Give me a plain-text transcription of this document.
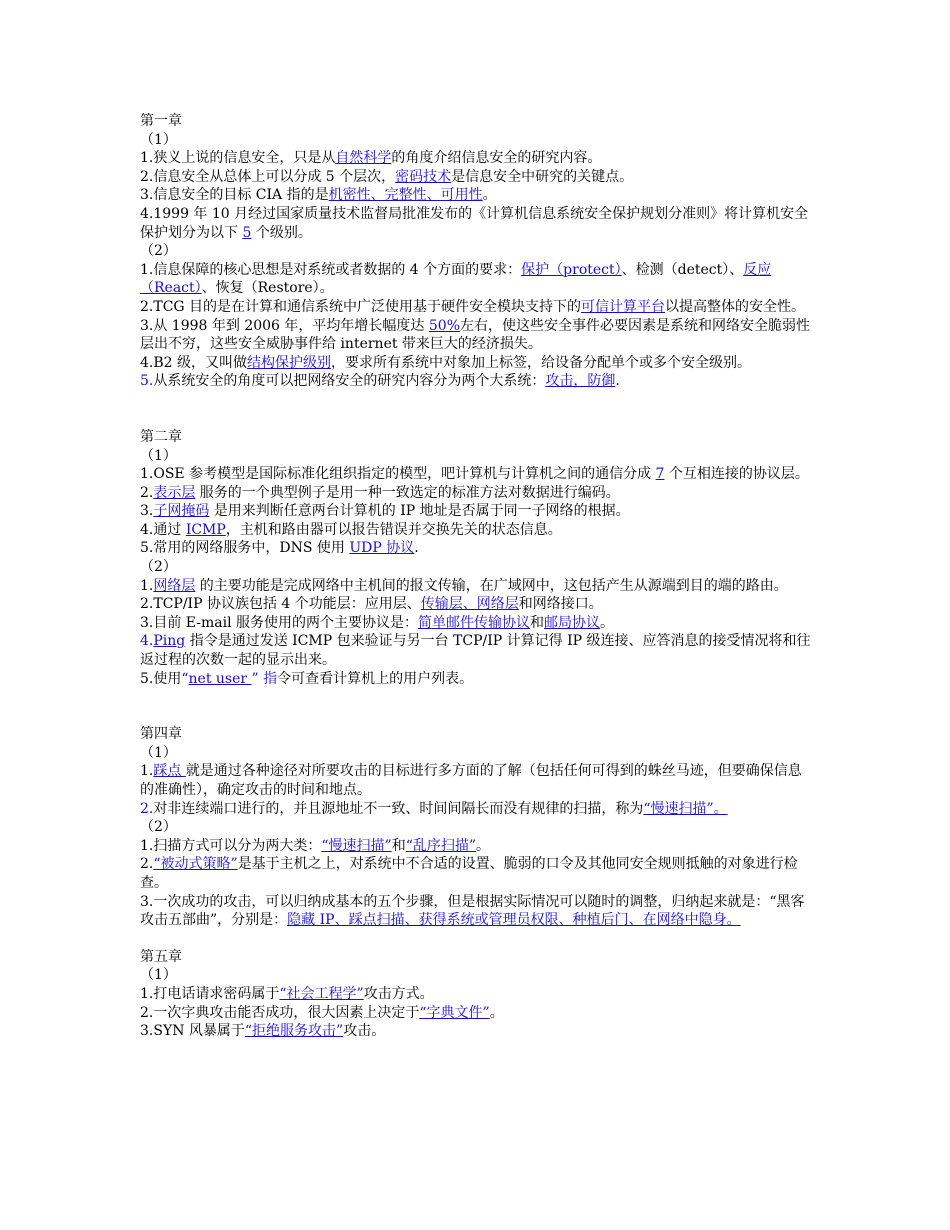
第一章
（1）
1.狭义上说的信息安全，只是从自然科学的角度介绍信息安全的研究内容。
2.信息安全从总体上可以分成 5 个层次，密码技术是信息安全中研究的关键点。
3.信息安全的目标 CIA 指的是机密性、完整性、可用性。
4.1999 年 10 月经过国家质量技术监督局批准发布的《计算机信息系统安全保护规划分准则》将计算机安全保护划分为以下 5 个级别。
（2）
1.信息保障的核心思想是对系统或者数据的 4 个方面的要求：保护（protect）、检测（detect）、反应（React）、恢复（Restore）。
2.TCG 目的是在计算和通信系统中广泛使用基于硬件安全模块支持下的可信计算平台以提高整体的安全性。
3.从 1998 年到 2006 年，平均年增长幅度达 50%左右，使这些安全事件必要因素是系统和网络安全脆弱性层出不穷，这些安全威胁事件给 internet 带来巨大的经济损失。
4.B2 级，又叫做结构保护级别，要求所有系统中对象加上标签，给设备分配单个或多个安全级别。
5.从系统安全的角度可以把网络安全的研究内容分为两个大系统：攻击，防御.
第二章
（1）
1.OSE 参考模型是国际标准化组织指定的模型，吧计算机与计算机之间的通信分成 7 个互相连接的协议层。
2.表示层 服务的一个典型例子是用一种一致选定的标准方法对数据进行编码。
3.子网掩码 是用来判断任意两台计算机的 IP 地址是否属于同一子网络的根据。
4.通过 ICMP，主机和路由器可以报告错误并交换先关的状态信息。
5.常用的网络服务中，DNS 使用 UDP 协议.
（2）
1.网络层 的主要功能是完成网络中主机间的报文传输，在广域网中，这包括产生从源端到目的端的路由。
2.TCP/IP 协议族包括 4 个功能层：应用层、传输层、网络层和网络接口。
3.目前 E-mail 服务使用的两个主要协议是：简单邮件传输协议和邮局协议。
4.Ping 指令是通过发送 ICMP 包来验证与另一台 TCP/IP 计算记得 IP 级连接、应答消息的接受情况将和往返过程的次数一起的显示出来。
5.使用“net user ” 指令可查看计算机上的用户列表。
第四章
（1）
1.踩点 就是通过各种途径对所要攻击的目标进行多方面的了解（包括任何可得到的蛛丝马迹，但要确保信息的准确性），确定攻击的时间和地点。
2.对非连续端口进行的，并且源地址不一致、时间间隔长而没有规律的扫描，称为“慢速扫描”。
（2）
1.扫描方式可以分为两大类：“慢速扫描”和“乱序扫描”。
2.“被动式策略”是基于主机之上，对系统中不合适的设置、脆弱的口令及其他同安全规则抵触的对象进行检查。
3.一次成功的攻击，可以归纳成基本的五个步骤，但是根据实际情况可以随时的调整，归纳起来就是：“黑客攻击五部曲”，分别是：隐藏 IP、踩点扫描、获得系统或管理员权限、种植后门、在网络中隐身。
第五章
（1）
1.打电话请求密码属于“社会工程学”攻击方式。
2.一次字典攻击能否成功，很大因素上决定于“字典文件”。
3.SYN 风暴属于“拒绝服务攻击”攻击。
